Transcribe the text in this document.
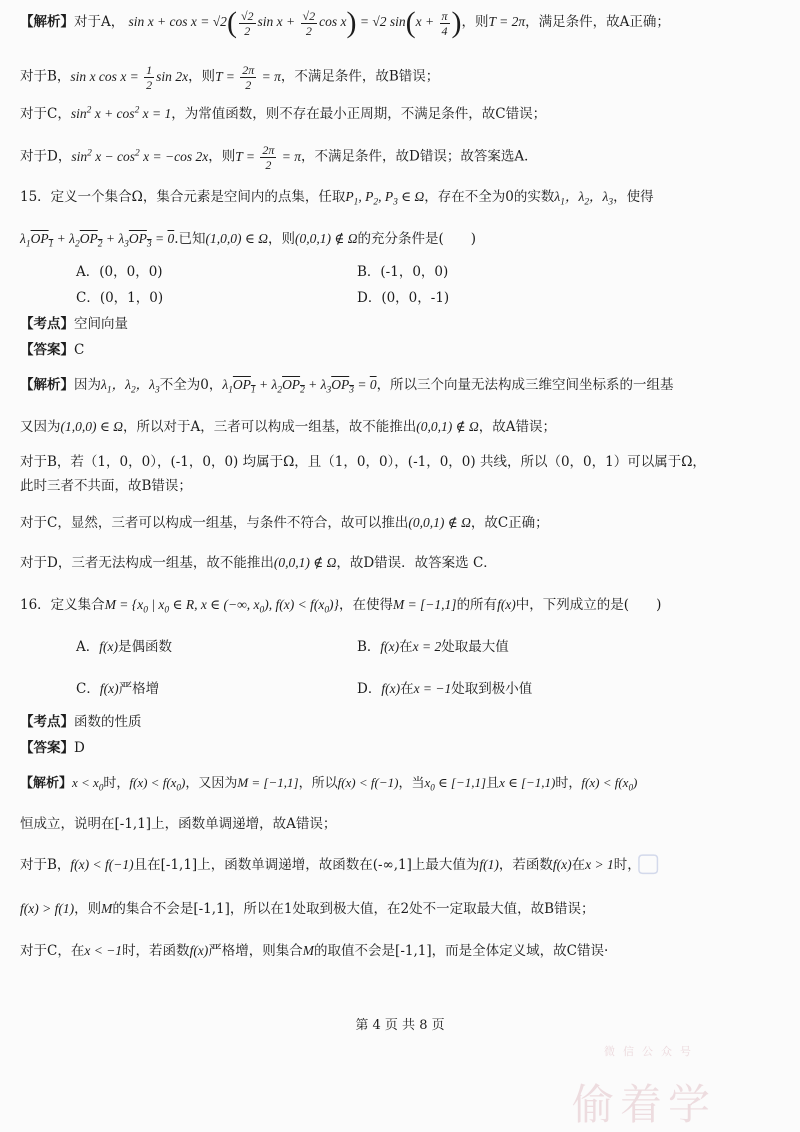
【解析】对于A， $\sin x + \cos x = √2( \frac{√2}{2}$ $\sin x + \frac{√2}{2}$ cos x) = √2 $\sin(x + \frac{\pi}{4}$ )，则T = 2π，满足条件，故A正确；
对于B，sin x $\cos x = \frac{1}{2}$ sin 2x，则$T = \frac{2\pi}{2} = \pi$，不满足条件，故B错误；
对于C，$\sin^2 x + \cos^2 x = 1$，为常值函数，则不存在最小正周期，不满足条件，故C错误；
对于D，$\sin^2 x - \cos^2 x = -\cos$ 2x，则$T = \frac{2\pi}{2} = \pi$，不满足条件，故D错误；故答案选A．
15．定义一个集合Ω，集合元素是空间内的点集，任取$P_1$, $P_2$, $P_3$ ∈ Ω，存在不全为0的实数$\lambda_1$，$\lambda_2$，$\lambda_3$，使得
$\lambda_1OP_1 + \lambda_2OP_2 + \lambda_3OP_3 = 0$.已知(1,0,0) ∈ Ω，则(0,0,1) ∉ Ω的充分条件是(　　)
A．(0，0，0)	B．(-1，0，0)
C．(0，1，0)	D．(0，0，-1)
【考点】空间向量
【答案】C
【解析】因为$\lambda_1$，$\lambda_2$，$\lambda_3$不全为0，$\lambda_1OP_1 + \lambda_2OP_2 + \lambda_3OP_3 = 0$，所以三个向量无法构成三维空间坐标系的一组基
又因为(1,0,0) ∈ Ω，所以对于A，三者可以构成一组基，故不能推出(0,0,1) ∉ Ω，故A错误；
对于B，若（1，0，0），(-1，0，0) 均属于Ω，且（1，0，0），(-1，0，0) 共线，所以（0，0，1）可以属于Ω，
此时三者不共面，故B错误；
对于C，显然，三者可以构成一组基，与条件不符合，故可以推出(0,0,1) ∉ Ω，故C正确；
对于D，三者无法构成一组基，故不能推出(0,0,1) ∉ Ω，故D错误．故答案选 C．
16．定义集合$M = \{x_0$ | $x_0$ ∈ R, x ∈ (−∞, $x_0$), $f(x) < f(x_0)$}，在使得M = [−1,1]的所有f(x)中，下列成立的是(　　)
A．f(x)是偶函数	B．f(x)在x = 2处取最大值
C．f(x)严格增	D．f(x)在x = −1处取到极小值
【考点】函数的性质
【答案】D
【解析】$x < x_0$时，$f(x) < f(x_0)$，又因为M = [−1,1]，所以f(x) < f(−1)，当$x_0$ ∈ [−1,1]且x ∈ [−1,1)时，$f(x) < f(x_0)$
恒成立，说明在[-1,1]上，函数单调递增，故A错误；
对于B，f(x) < f(−1)且在[-1,1]上，函数单调递增，故函数在(-∞,1]上最大值为f(1)，若函数f(x)在x > 1时，
f(x) > f(1)，则M的集合不会是[-1,1]，所以在1处取到极大值，在2处不一定取最大值，故B错误；
对于C，在x < −1时，若函数f(x)严格增，则集合M的取值不会是[-1,1]，而是全体定义域，故C错误·
▢
第 4 页 共 8 页
微信公众号
偷着学
